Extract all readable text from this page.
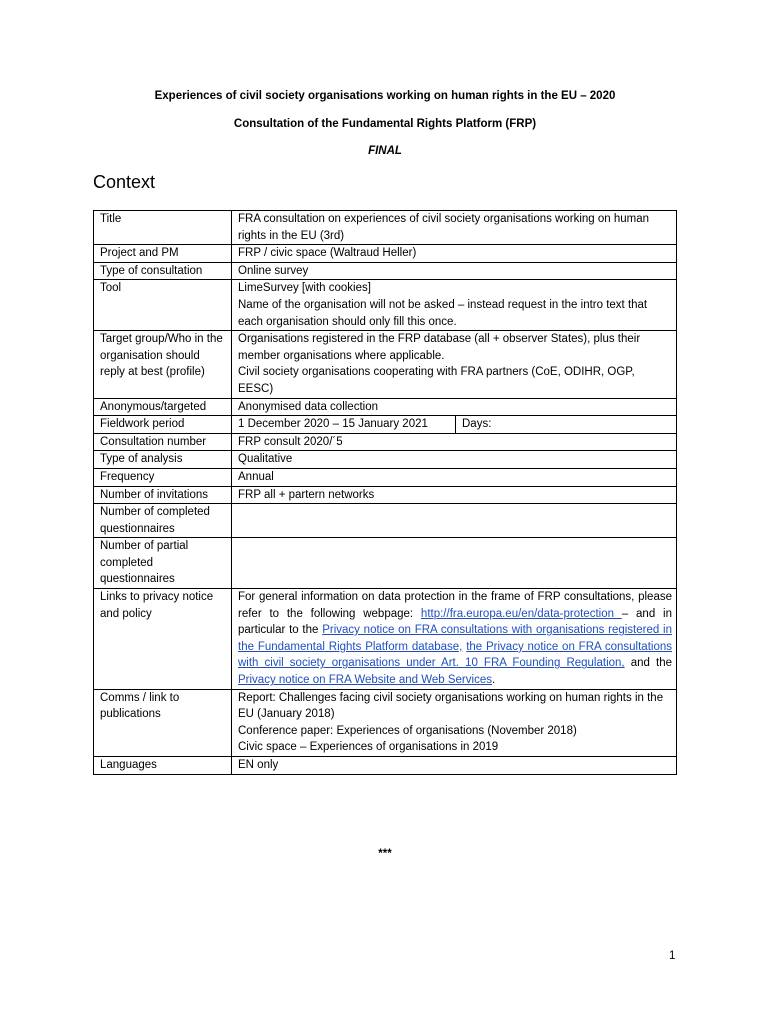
Experiences of civil society organisations working on human rights in the EU – 2020
Consultation of the Fundamental Rights Platform (FRP)
FINAL
Context
Title	FRA consultation on experiences of civil society organisations working on human rights in the EU (3rd)	
Project and PM	FRP / civic space (Waltraud Heller)	
Type of consultation	Online survey	
Tool	LimeSurvey [with cookies]

Name of the organisation will not be asked – instead request in the intro text that each organisation should only fill this once.	

Target group/Who in the organisation should reply at best (profile)	Organisations registered in the FRP database (all + observer States), plus their member organisations where applicable.

Civil society organisations cooperating with FRA partners (CoE, ODIHR, OGP, EESC)	

Anonymous/targeted	Anonymised data collection	
Fieldwork period	1 December 2020 – 15 January 2021	Days:
Consultation number	FRP consult 2020/´5	
Type of analysis	Qualitative	
Frequency	Annual	
Number of invitations	FRP all + partern networks	
Number of completed questionnaires		
Number of partial completed questionnaires		
Links to privacy notice and policy	For general information on data protection in the frame of FRP consultations, please refer to the following webpage: http://fra.europa.eu/en/data-protection – and in particular to the Privacy notice on FRA consultations with organisations registered in the Fundamental Rights Platform database, the Privacy notice on FRA consultations with civil society organisations under Art. 10 FRA Founding Regulation, and the Privacy notice on FRA Website and Web Services.	
Comms / link to publications	Report: Challenges facing civil society organisations working on human rights in the EU (January 2018)

Conference paper: Experiences of organisations (November 2018)

Civic space – Experiences of organisations in 2019	

Languages	EN only	
***
1
